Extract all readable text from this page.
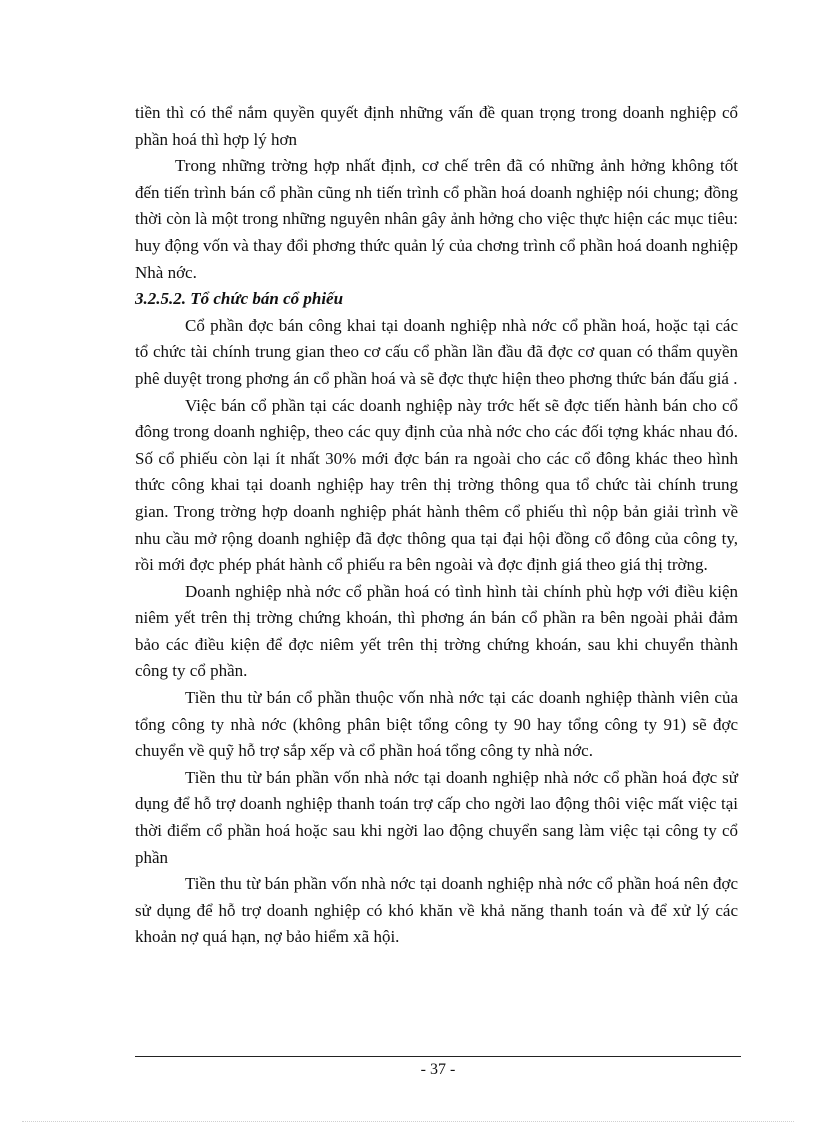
tiền thì có thể nắm quyền quyết định những vấn đề quan trọng trong doanh nghiệp cổ phần hoá thì hợp lý hơn

Trong những trờng hợp nhất định, cơ chế trên đã có những ảnh hởng không tốt đến tiến trình bán cổ phần cũng nh tiến trình cổ phần hoá doanh nghiệp nói chung; đồng thời còn là một trong những nguyên nhân gây ảnh hởng cho việc thực hiện các mục tiêu: huy động vốn và thay đổi phơng thức quản lý của chơng trình cổ phần hoá doanh nghiệp Nhà nớc.

3.2.5.2. Tổ chức bán cổ phiếu

Cổ phần đợc bán công khai tại doanh nghiệp nhà nớc cổ phần hoá, hoặc tại các tổ chức tài chính trung gian theo cơ cấu cổ phần lần đầu đã đợc cơ quan có thẩm quyền phê duyệt trong phơng án cổ phần hoá và sẽ đợc thực hiện theo phơng thức bán đấu giá .

Việc bán cổ phần tại các doanh nghiệp này trớc hết sẽ đợc tiến hành bán cho cổ đông trong doanh nghiệp, theo các quy định của nhà nớc cho các đối tợng khác nhau đó. Số cổ phiếu còn lại ít nhất 30% mới đợc bán ra ngoài cho các cổ đông khác theo hình thức công khai tại doanh nghiệp hay trên thị trờng thông qua tổ chức tài chính trung gian. Trong trờng hợp doanh nghiệp phát hành thêm cổ phiếu thì nộp bản giải trình về nhu cầu mở rộng doanh nghiệp đã đợc thông qua tại đại hội đồng cổ đông của công ty, rồi mới đợc phép phát hành cổ phiếu ra bên ngoài và đợc định giá theo giá thị trờng.

Doanh nghiệp nhà nớc cổ phần hoá có tình hình tài chính phù hợp với điều kiện niêm yết trên thị trờng chứng khoán, thì phơng án bán cổ phần ra bên ngoài phải đảm bảo các điều kiện để đợc niêm yết trên thị trờng chứng khoán, sau khi chuyển thành công ty cổ phần.

Tiền thu từ bán cổ phần thuộc vốn nhà nớc tại các doanh nghiệp thành viên của tổng công ty nhà nớc (không phân biệt tổng công ty 90 hay tổng công ty 91) sẽ đợc chuyển về quỹ hỗ trợ sắp xếp và cổ phần hoá tổng công ty nhà nớc.

Tiền thu từ bán phần vốn nhà nớc tại doanh nghiệp nhà nớc cổ phần hoá đợc sử dụng để hỗ trợ doanh nghiệp thanh toán trợ cấp cho ngời lao động thôi việc mất việc tại thời điểm cổ phần hoá hoặc sau khi ngời lao động chuyển sang làm việc tại công ty cổ phần

Tiền thu từ bán phần vốn nhà nớc tại doanh nghiệp nhà nớc cổ phần hoá nên đợc sử dụng để hỗ trợ doanh nghiệp có khó khăn về khả năng thanh toán và để xử lý các khoản nợ quá hạn, nợ bảo hiểm xã hội.

- 37 -
